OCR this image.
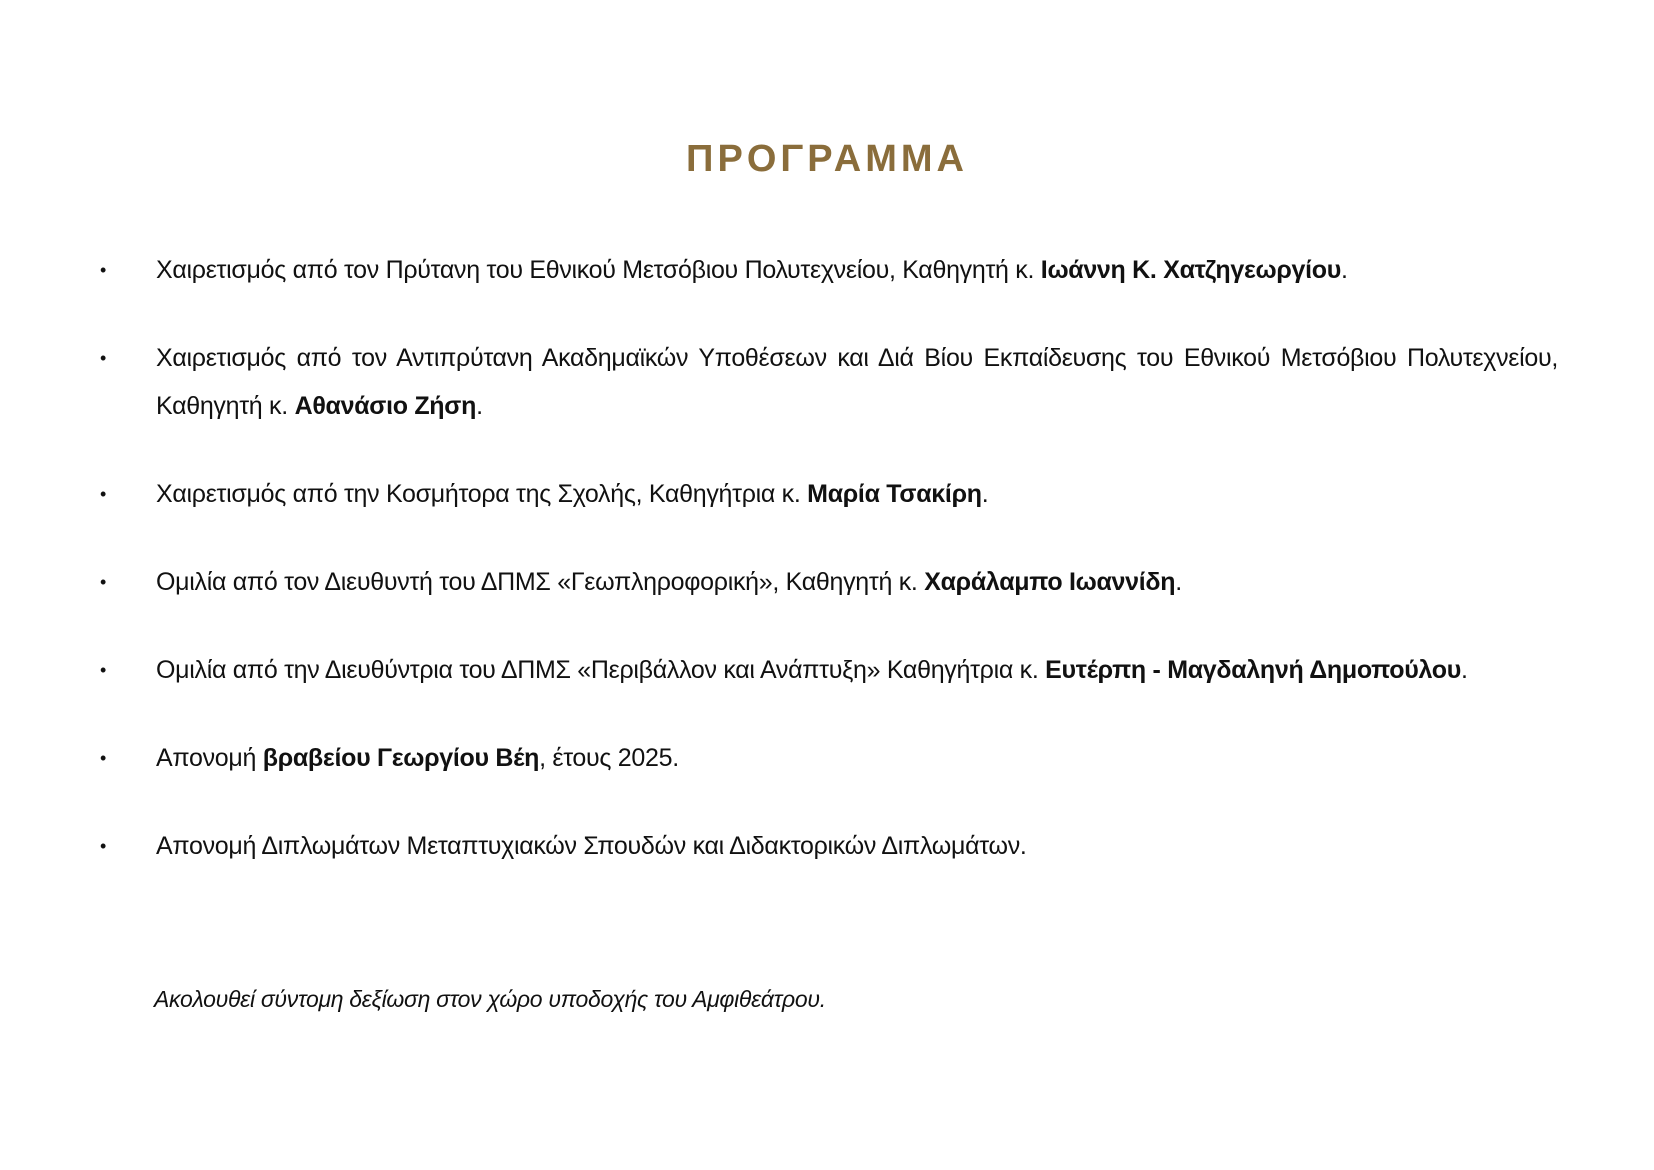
ΠΡΟΓΡΑΜΜΑ
• Χαιρετισμός από τον Πρύτανη του Εθνικού Μετσόβιου Πολυτεχνείου, Καθηγητή κ. Ιωάννη Κ. Χατζηγεωργίου.
• Χαιρετισμός από τον Αντιπρύτανη Ακαδημαϊκών Υποθέσεων και Διά Βίου Εκπαίδευσης του Εθνικού Μετσόβιου Πολυτεχνείου, Καθηγητή κ. Αθανάσιο Ζήση.
• Χαιρετισμός από την Κοσμήτορα της Σχολής, Καθηγήτρια κ. Μαρία Τσακίρη.
• Ομιλία από τον Διευθυντή του ΔΠΜΣ «Γεωπληροφορική», Καθηγητή κ. Χαράλαμπο Ιωαννίδη.
• Ομιλία από την Διευθύντρια του ΔΠΜΣ «Περιβάλλον και Ανάπτυξη» Καθηγήτρια κ. Ευτέρπη - Μαγδαληνή Δημοπούλου.
• Απονομή βραβείου Γεωργίου Βέη, έτους 2025.
• Απονομή Διπλωμάτων Μεταπτυχιακών Σπουδών και Διδακτορικών Διπλωμάτων.
Ακολουθεί σύντομη δεξίωση στον χώρο υποδοχής του Αμφιθεάτρου.
